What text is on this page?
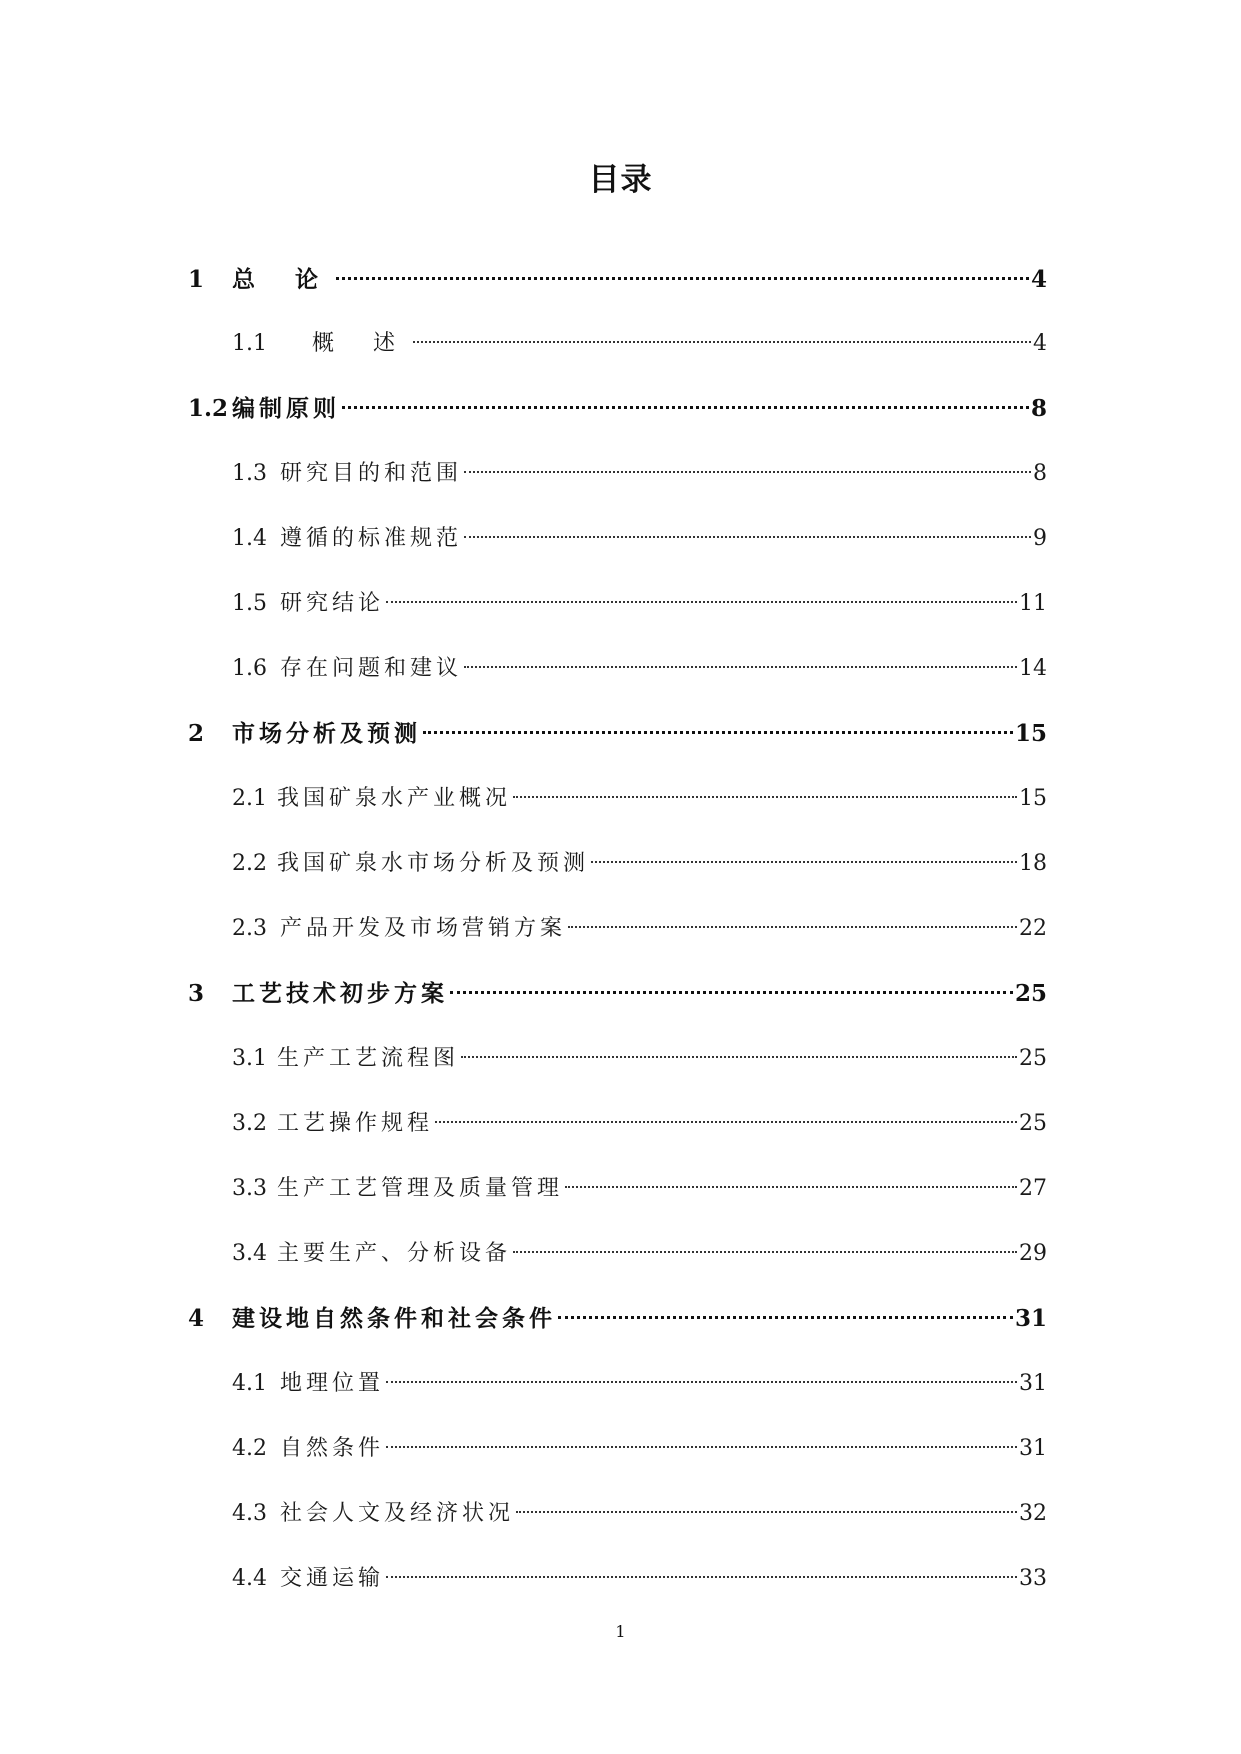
目录
1	总 论	4
1.1	概 述	4
1.2 编制原则	8
1.3 研究目的和范围	8
1.4 遵循的标准规范	9
1.5 研究结论	11
1.6 存在问题和建议	14
2	市场分析及预测	15
2.1 我国矿泉水产业概况	15
2.2 我国矿泉水市场分析及预测	18
2.3 产品开发及市场营销方案	22
3	工艺技术初步方案	25
3.1 生产工艺流程图	25
3.2 工艺操作规程	25
3.3 生产工艺管理及质量管理	27
3.4 主要生产、分析设备	29
4	建设地自然条件和社会条件	31
4.1 地理位置	31
4.2 自然条件	31
4.3 社会人文及经济状况	32
4.4 交通运输	33
1
